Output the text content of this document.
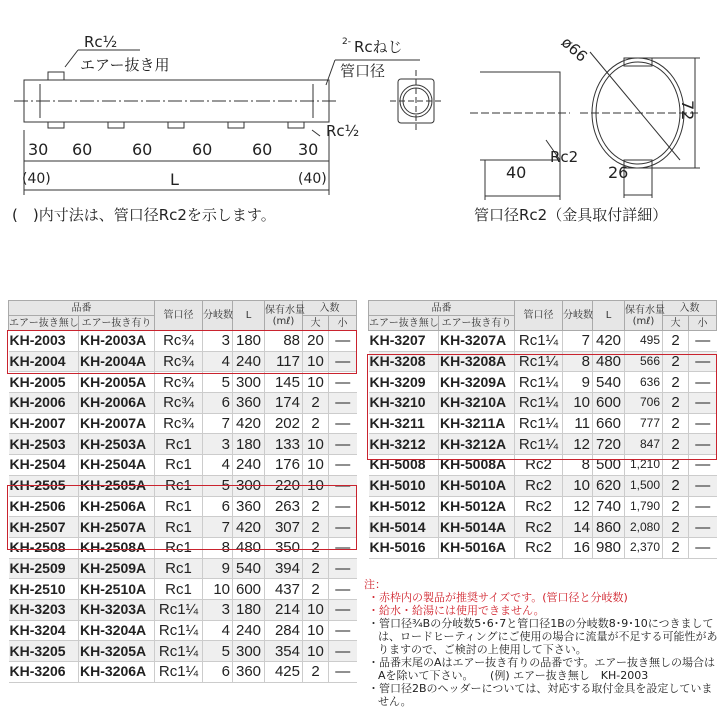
Rc½
エアー抜き用
2- Rcねじ
管口径
Rc½
30 60 60 60 60 30
(40)	(40)
L
ø66
72
Rc2
40	26
(　)内寸法は、管口径Rc2を示します。	管口径Rc2（金具取付詳細）
品番		管口径	分岐数	L	保有水量
(mℓ)	入数	
エアー抜き無し	エアー抜き有り					大	小
KH-2003	KH-2003A	Rc¾	3	180	88	20	—
KH-2004	KH-2004A	Rc¾	4	240	117	10	—
KH-2005	KH-2005A	Rc¾	5	300	145	10	—
KH-2006	KH-2006A	Rc¾	6	360	174	2	—
KH-2007	KH-2007A	Rc¾	7	420	202	2	—
KH-2503	KH-2503A	Rc1	3	180	133	10	—
KH-2504	KH-2504A	Rc1	4	240	176	10	—
KH-2505	KH-2505A	Rc1	5	300	220	10	—
KH-2506	KH-2506A	Rc1	6	360	263	2	—
KH-2507	KH-2507A	Rc1	7	420	307	2	—
KH-2508	KH-2508A	Rc1	8	480	350	2	—
KH-2509	KH-2509A	Rc1	9	540	394	2	—
KH-2510	KH-2510A	Rc1	10	600	437	2	—
KH-3203	KH-3203A	Rc1¼	3	180	214	10	—
KH-3204	KH-3204A	Rc1¼	4	240	284	10	—
KH-3205	KH-3205A	Rc1¼	5	300	354	10	—
KH-3206	KH-3206A	Rc1¼	6	360	425	2	—
品番		管口径	分岐数	L	保有水量
(mℓ)	入数	
エアー抜き無し	エアー抜き有り					大	小
KH-3207	KH-3207A	Rc1¼	7	420	495	2	—
KH-3208	KH-3208A	Rc1¼	8	480	566	2	—
KH-3209	KH-3209A	Rc1¼	9	540	636	2	—
KH-3210	KH-3210A	Rc1¼	10	600	706	2	—
KH-3211	KH-3211A	Rc1¼	11	660	777	2	—
KH-3212	KH-3212A	Rc1¼	12	720	847	2	—
KH-5008	KH-5008A	Rc2	8	500	1,210	2	—
KH-5010	KH-5010A	Rc2	10	620	1,500	2	—
KH-5012	KH-5012A	Rc2	12	740	1,790	2	—
KH-5014	KH-5014A	Rc2	14	860	2,080	2	—
KH-5016	KH-5016A	Rc2	16	980	2,370	2	—
注：
・赤枠内の製品が推奨サイズです。(管口径と分岐数)
・給水・給湯には使用できません。
・管口径¾Bの分岐数5･6･7と管口径1Bの分岐数8･9･10につきましては、ロードヒーティングにご使用の場合に流量が不足する可能性がありますので、ご検討の上使用して下さい。
・品番末尾のAはエアー抜き有りの品番です。エアー抜き無しの場合はAを除いて下さい。　　(例) エアー抜き無し　KH-2003
・管口径2Bのヘッダーについては、対応する取付金具を設定していません。
